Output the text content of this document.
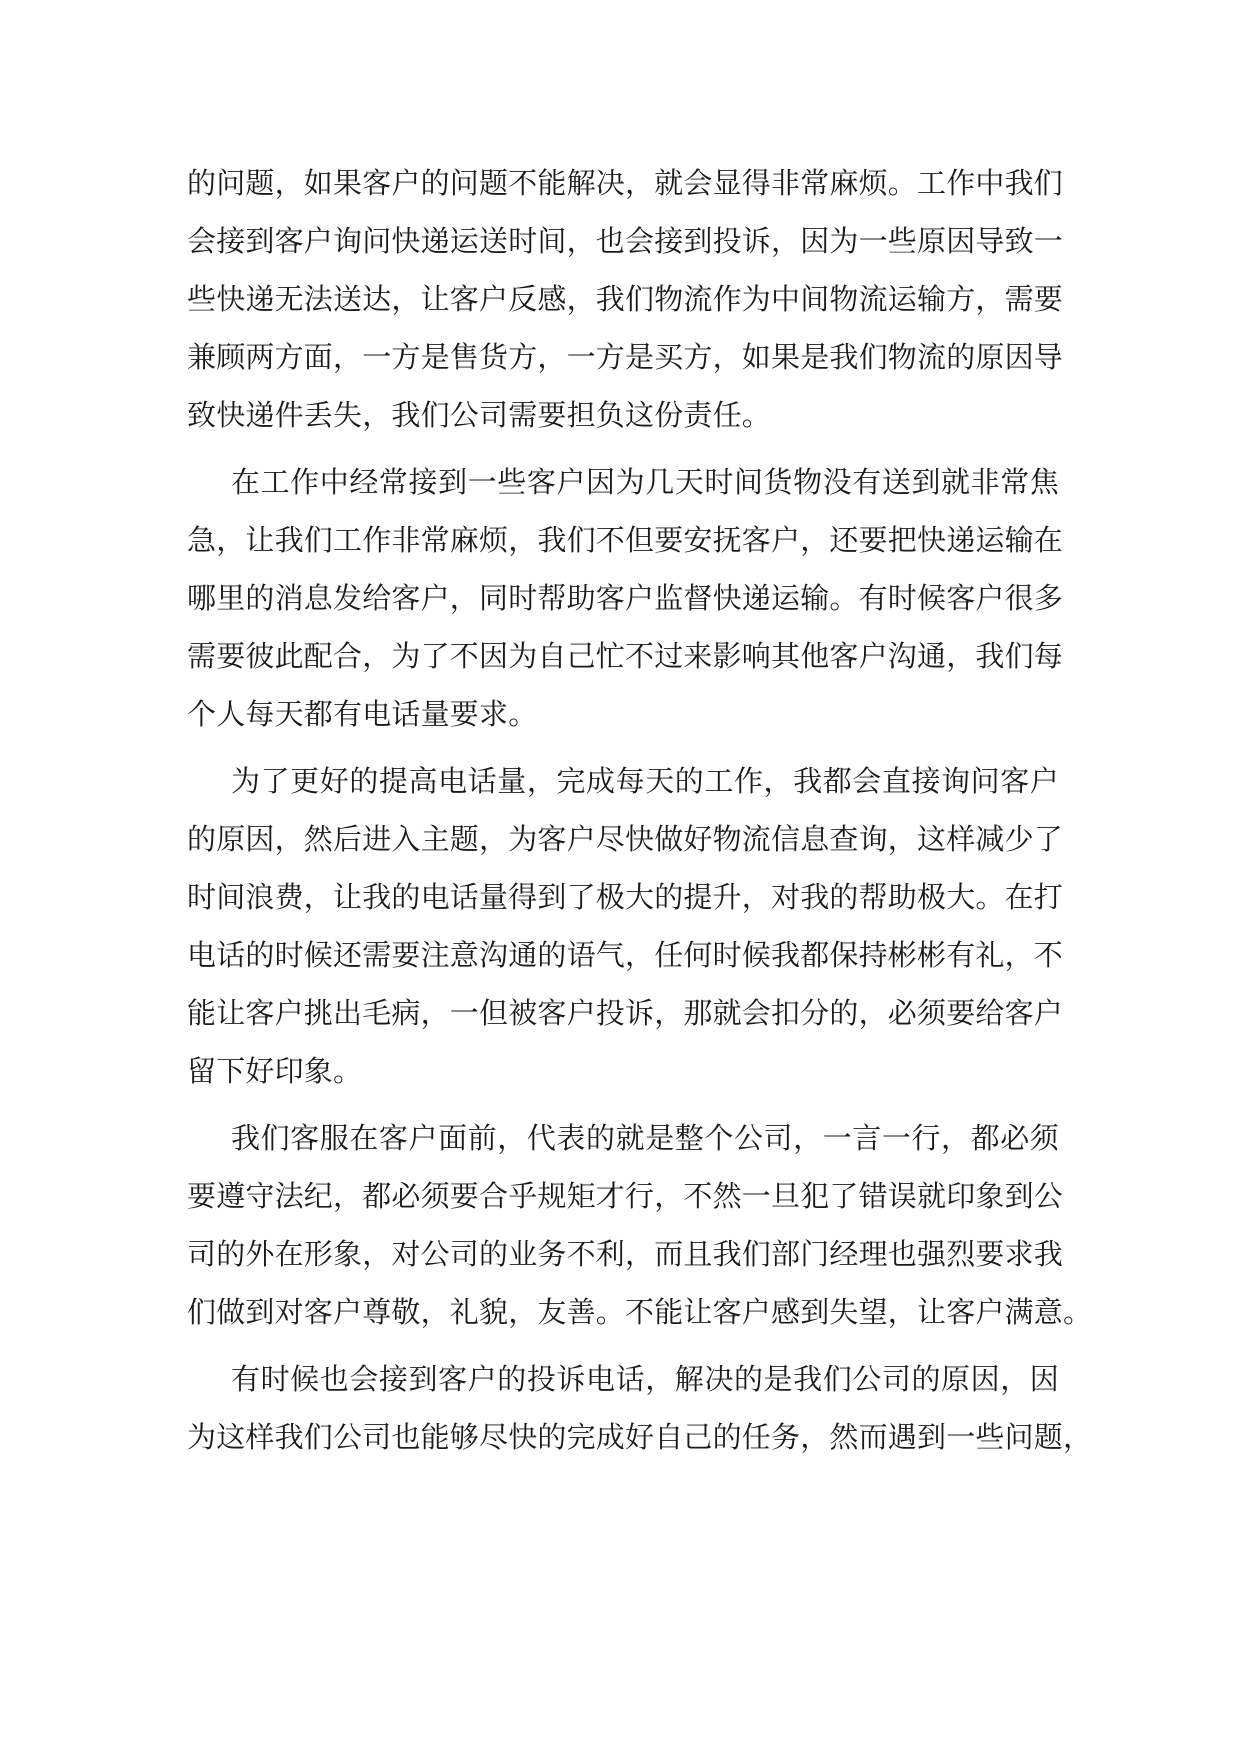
的问题，如果客户的问题不能解决，就会显得非常麻烦。工作中我们
会接到客户询问快递运送时间，也会接到投诉，因为一些原因导致一
些快递无法送达，让客户反感，我们物流作为中间物流运输方，需要
兼顾两方面，一方是售货方，一方是买方，如果是我们物流的原因导
致快递件丢失，我们公司需要担负这份责任。
在工作中经常接到一些客户因为几天时间货物没有送到就非常焦
急，让我们工作非常麻烦，我们不但要安抚客户，还要把快递运输在
哪里的消息发给客户，同时帮助客户监督快递运输。有时候客户很多
需要彼此配合，为了不因为自己忙不过来影响其他客户沟通，我们每
个人每天都有电话量要求。
为了更好的提高电话量，完成每天的工作，我都会直接询问客户
的原因，然后进入主题，为客户尽快做好物流信息查询，这样减少了
时间浪费，让我的电话量得到了极大的提升，对我的帮助极大。在打
电话的时候还需要注意沟通的语气，任何时候我都保持彬彬有礼，不
能让客户挑出毛病，一但被客户投诉，那就会扣分的，必须要给客户
留下好印象。
我们客服在客户面前，代表的就是整个公司，一言一行，都必须
要遵守法纪，都必须要合乎规矩才行，不然一旦犯了错误就印象到公
司的外在形象，对公司的业务不利，而且我们部门经理也强烈要求我
们做到对客户尊敬，礼貌，友善。不能让客户感到失望，让客户满意。
有时候也会接到客户的投诉电话，解决的是我们公司的原因，因
为这样我们公司也能够尽快的完成好自己的任务，然而遇到一些问题，
